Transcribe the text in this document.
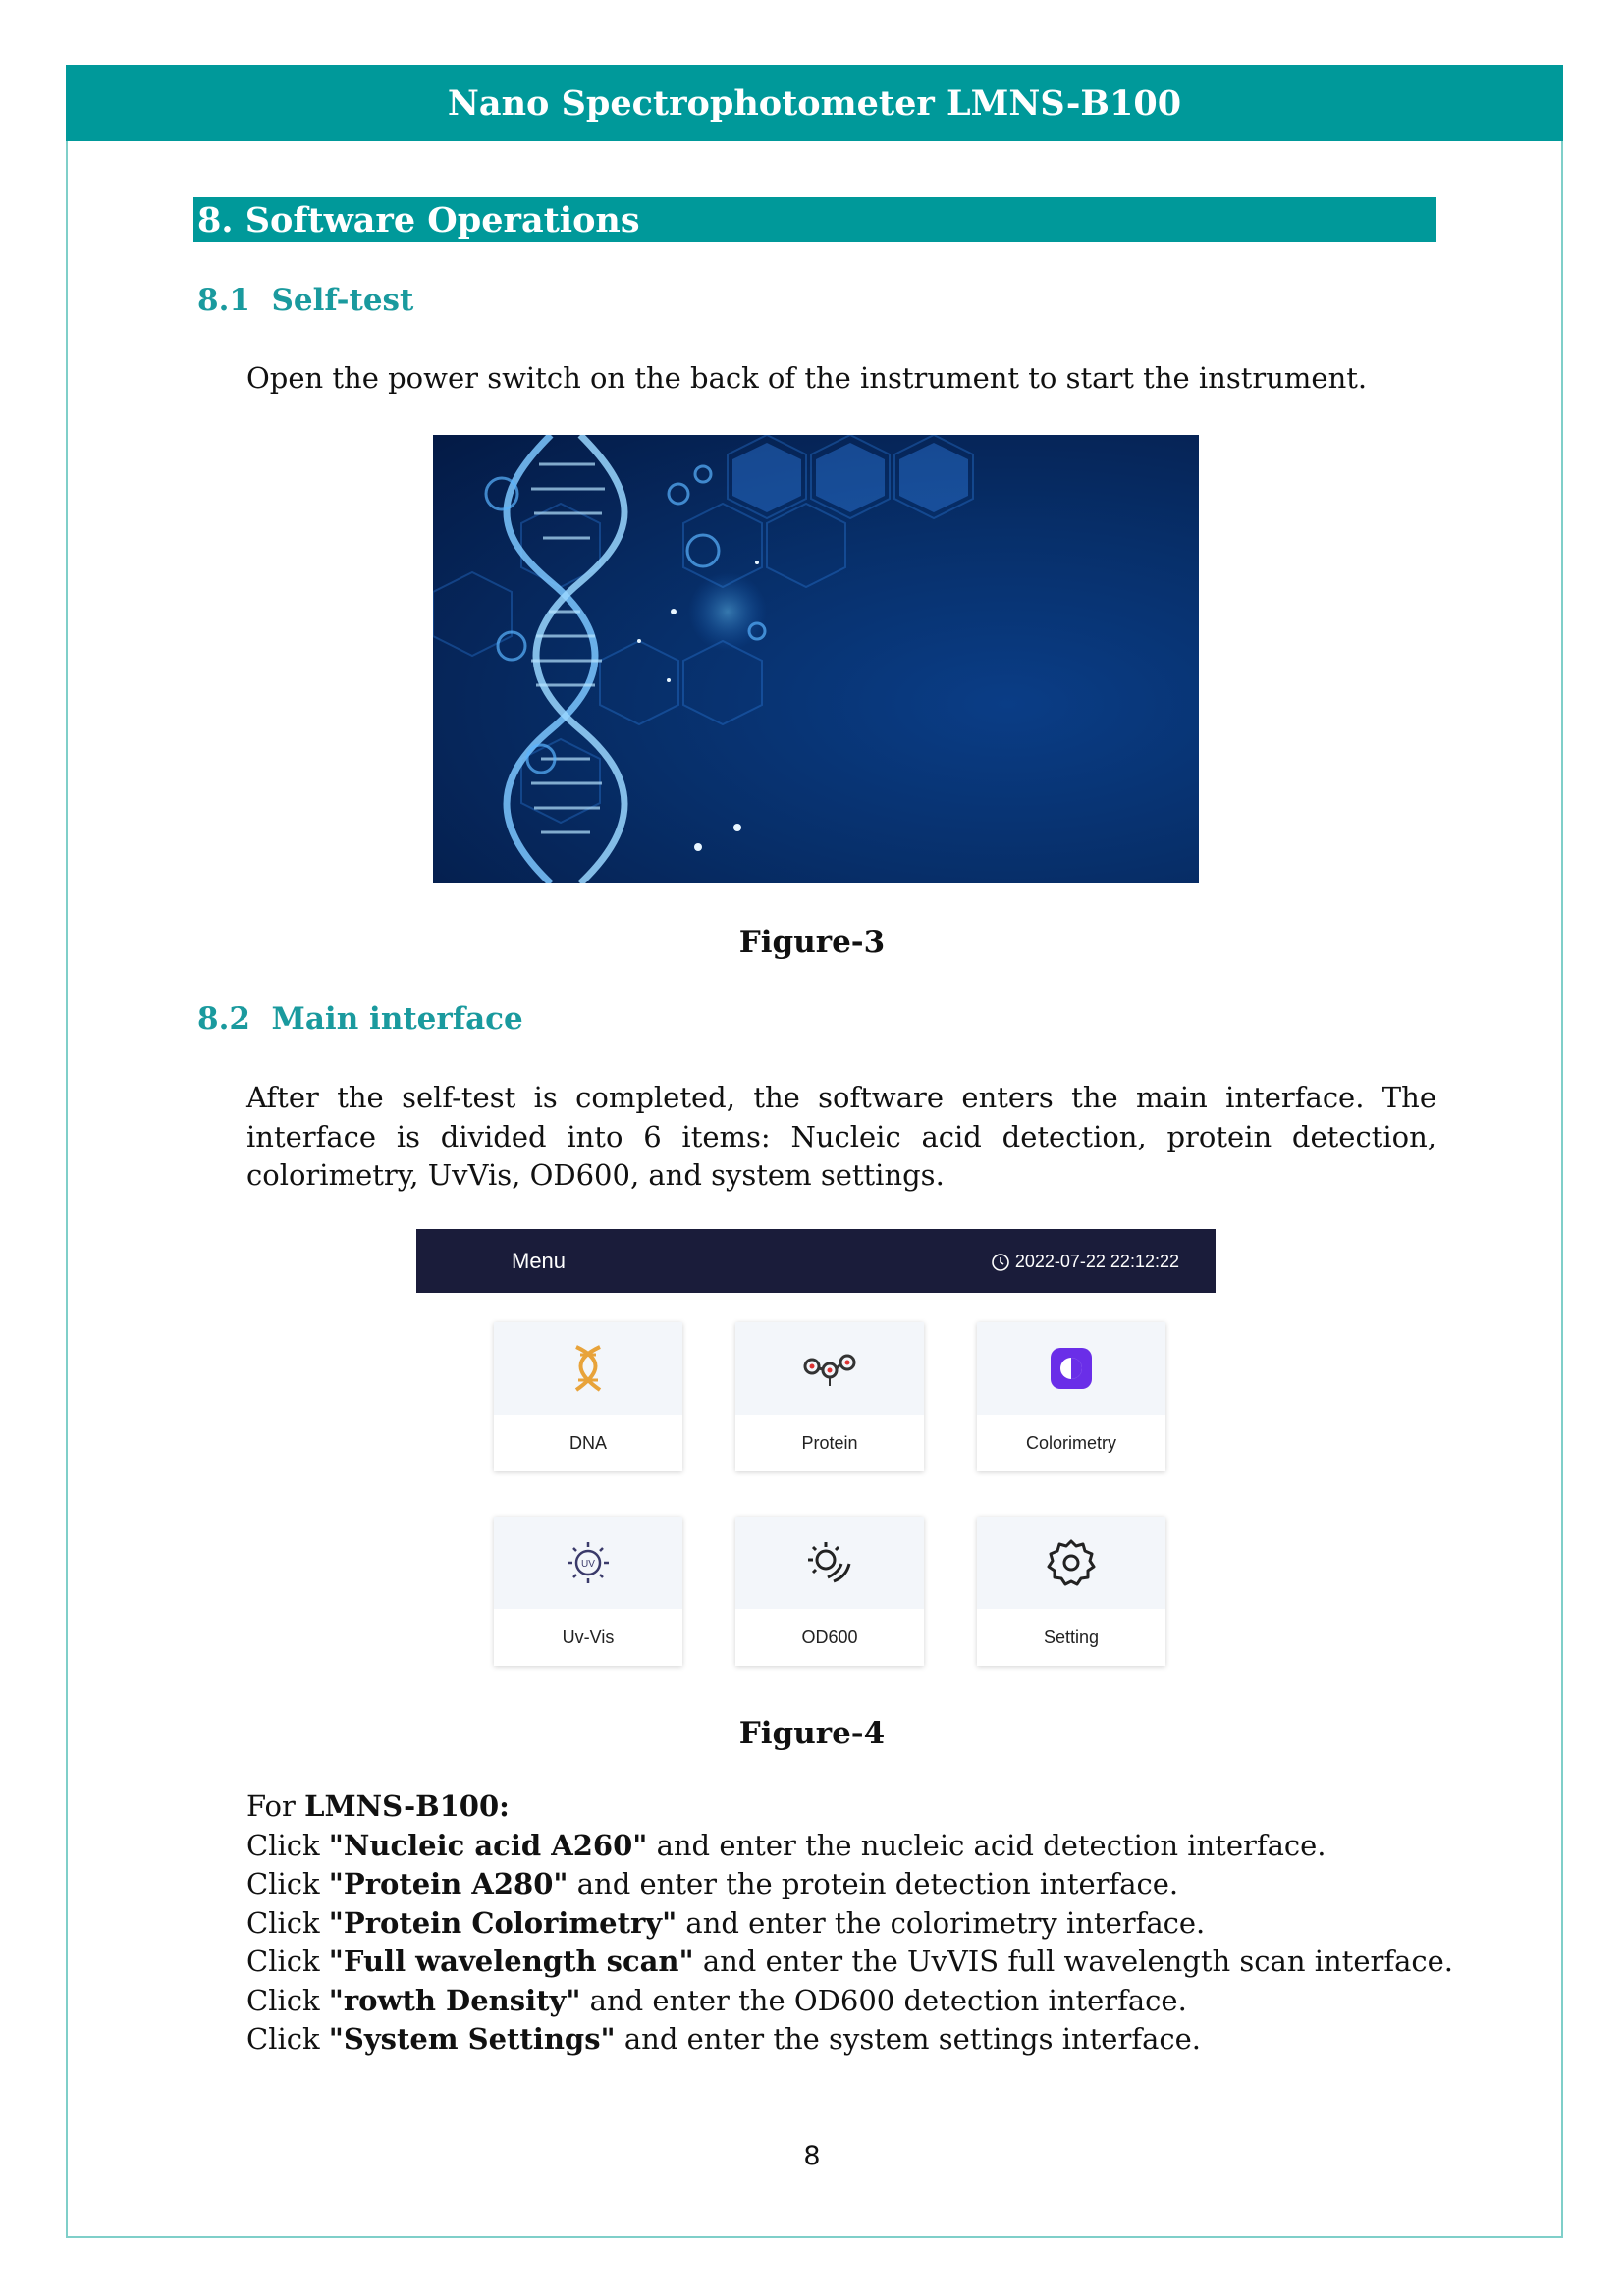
Nano Spectrophotometer LMNS-B100
8.
Software Operations
8.1 Self-test
Open the power switch on the back of the instrument to start the instrument.
Figure-3
8.2 Main interface
After the self-test is completed, the software enters the main interface. The interface is divided into 6 items: Nucleic acid detection, protein detection, colorimetry, UvVis, OD600, and system settings.
Menu	2022-07-22 22:12:22
DNA	Protein	Colorimetry
UV
Uv-Vis	OD600	Setting
Figure-4
For LMNS-B100:
Click "Nucleic acid A260" and enter the nucleic acid detection interface.
Click "Protein A280" and enter the protein detection interface.
Click "Protein Colorimetry" and enter the colorimetry interface.
Click "Full wavelength scan" and enter the UvVIS full wavelength scan interface.
Click "rowth Density" and enter the OD600 detection interface.
Click "System Settings" and enter the system settings interface.
8
